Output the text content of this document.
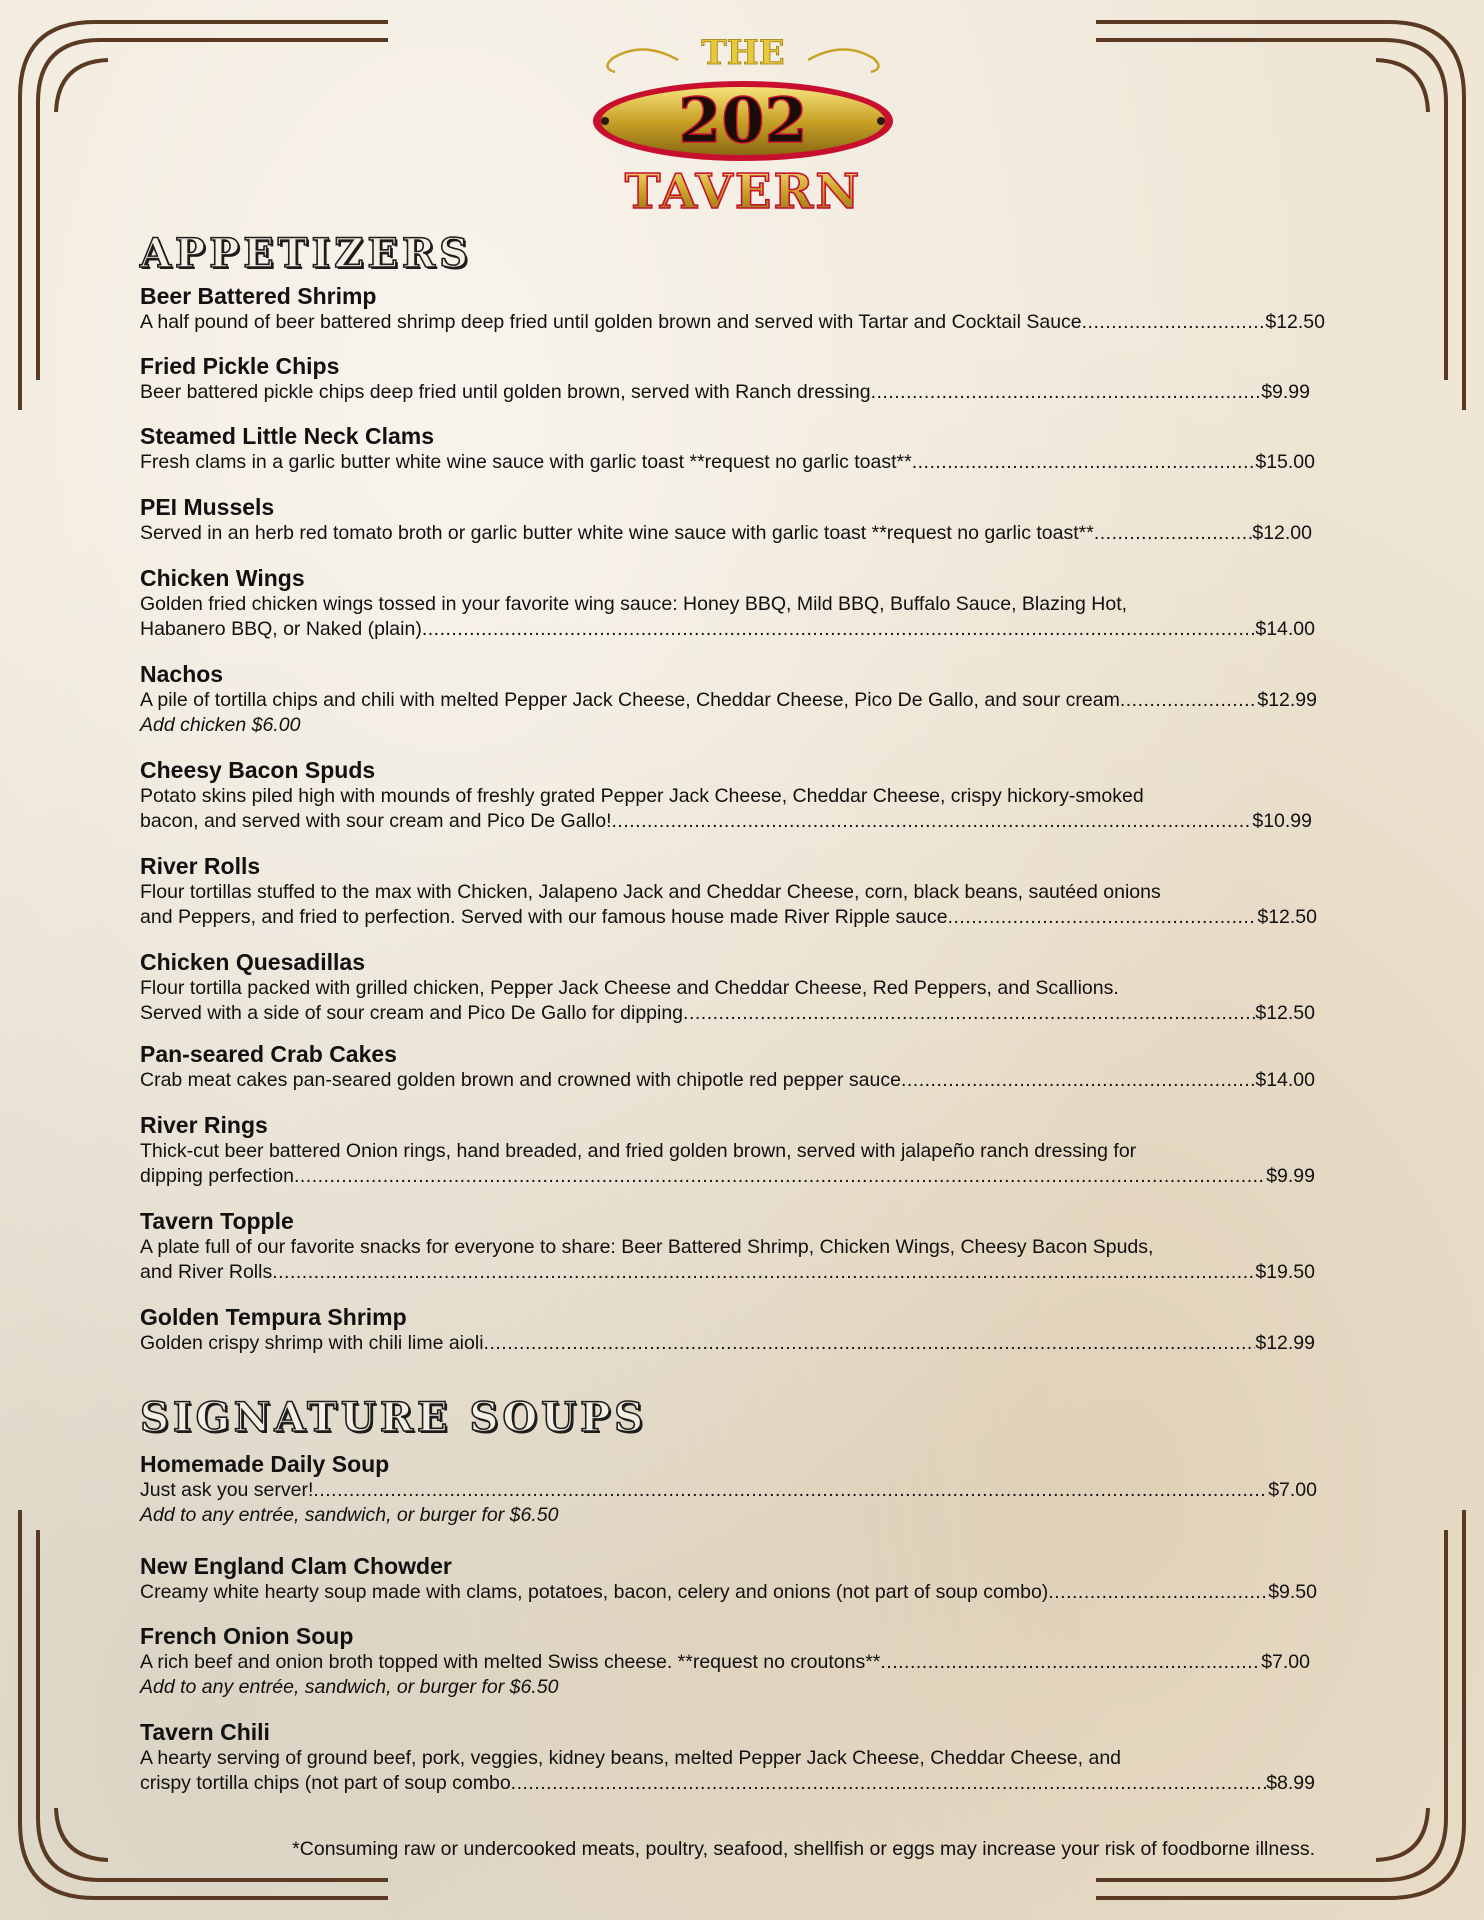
THE
202
TAVERN
APPETIZERS
Beer Battered Shrimp
A half pound of beer battered shrimp deep fried until golden brown and served with Tartar and Cocktail Sauce .....	$12.50
Fried Pickle Chips
Beer battered pickle chips deep fried until golden brown, served with Ranch dressing .....	$9.99
Steamed Little Neck Clams
Fresh clams in a garlic butter white wine sauce with garlic toast **request no garlic toast** .....	$15.00
PEI Mussels
Served in an herb red tomato broth or garlic butter white wine sauce with garlic toast **request no garlic toast** .....	$12.00
Chicken Wings
Golden fried chicken wings tossed in your favorite wing sauce: Honey BBQ, Mild BBQ, Buffalo Sauce, Blazing Hot,
Habanero BBQ, or Naked (plain) .....	$14.00
Nachos
A pile of tortilla chips and chili with melted Pepper Jack Cheese, Cheddar Cheese, Pico De Gallo, and sour cream .....	$12.99
Add chicken $6.00
Cheesy Bacon Spuds
Potato skins piled high with mounds of freshly grated Pepper Jack Cheese, Cheddar Cheese, crispy hickory-smoked
bacon, and served with sour cream and Pico De Gallo! .....	$10.99
River Rolls
Flour tortillas stuffed to the max with Chicken, Jalapeno Jack and Cheddar Cheese, corn, black beans, sautéed onions
and Peppers, and fried to perfection. Served with our famous house made River Ripple sauce .....	$12.50
Chicken Quesadillas
Flour tortilla packed with grilled chicken, Pepper Jack Cheese and Cheddar Cheese, Red Peppers, and Scallions.
Served with a side of sour cream and Pico De Gallo for dipping .....	$12.50
Pan-seared Crab Cakes
Crab meat cakes pan-seared golden brown and crowned with chipotle red pepper sauce .....	$14.00
River Rings
Thick-cut beer battered Onion rings, hand breaded, and fried golden brown, served with jalapeño ranch dressing for
dipping perfection .....	$9.99
Tavern Topple
A plate full of our favorite snacks for everyone to share: Beer Battered Shrimp, Chicken Wings, Cheesy Bacon Spuds,
and River Rolls .....	$19.50
Golden Tempura Shrimp
Golden crispy shrimp with chili lime aioli .....	$12.99
SIGNATURE SOUPS
Homemade Daily Soup
Just ask you server! .....	$7.00
Add to any entrée, sandwich, or burger for $6.50
New England Clam Chowder
Creamy white hearty soup made with clams, potatoes, bacon, celery and onions (not part of soup combo) .....	$9.50
French Onion Soup
A rich beef and onion broth topped with melted Swiss cheese. **request no croutons** .....	$7.00
Add to any entrée, sandwich, or burger for $6.50
Tavern Chili
A hearty serving of ground beef, pork, veggies, kidney beans, melted Pepper Jack Cheese, Cheddar Cheese, and
crispy tortilla chips (not part of soup combo .....	$8.99
*Consuming raw or undercooked meats, poultry, seafood, shellfish or eggs may increase your risk of foodborne illness.
